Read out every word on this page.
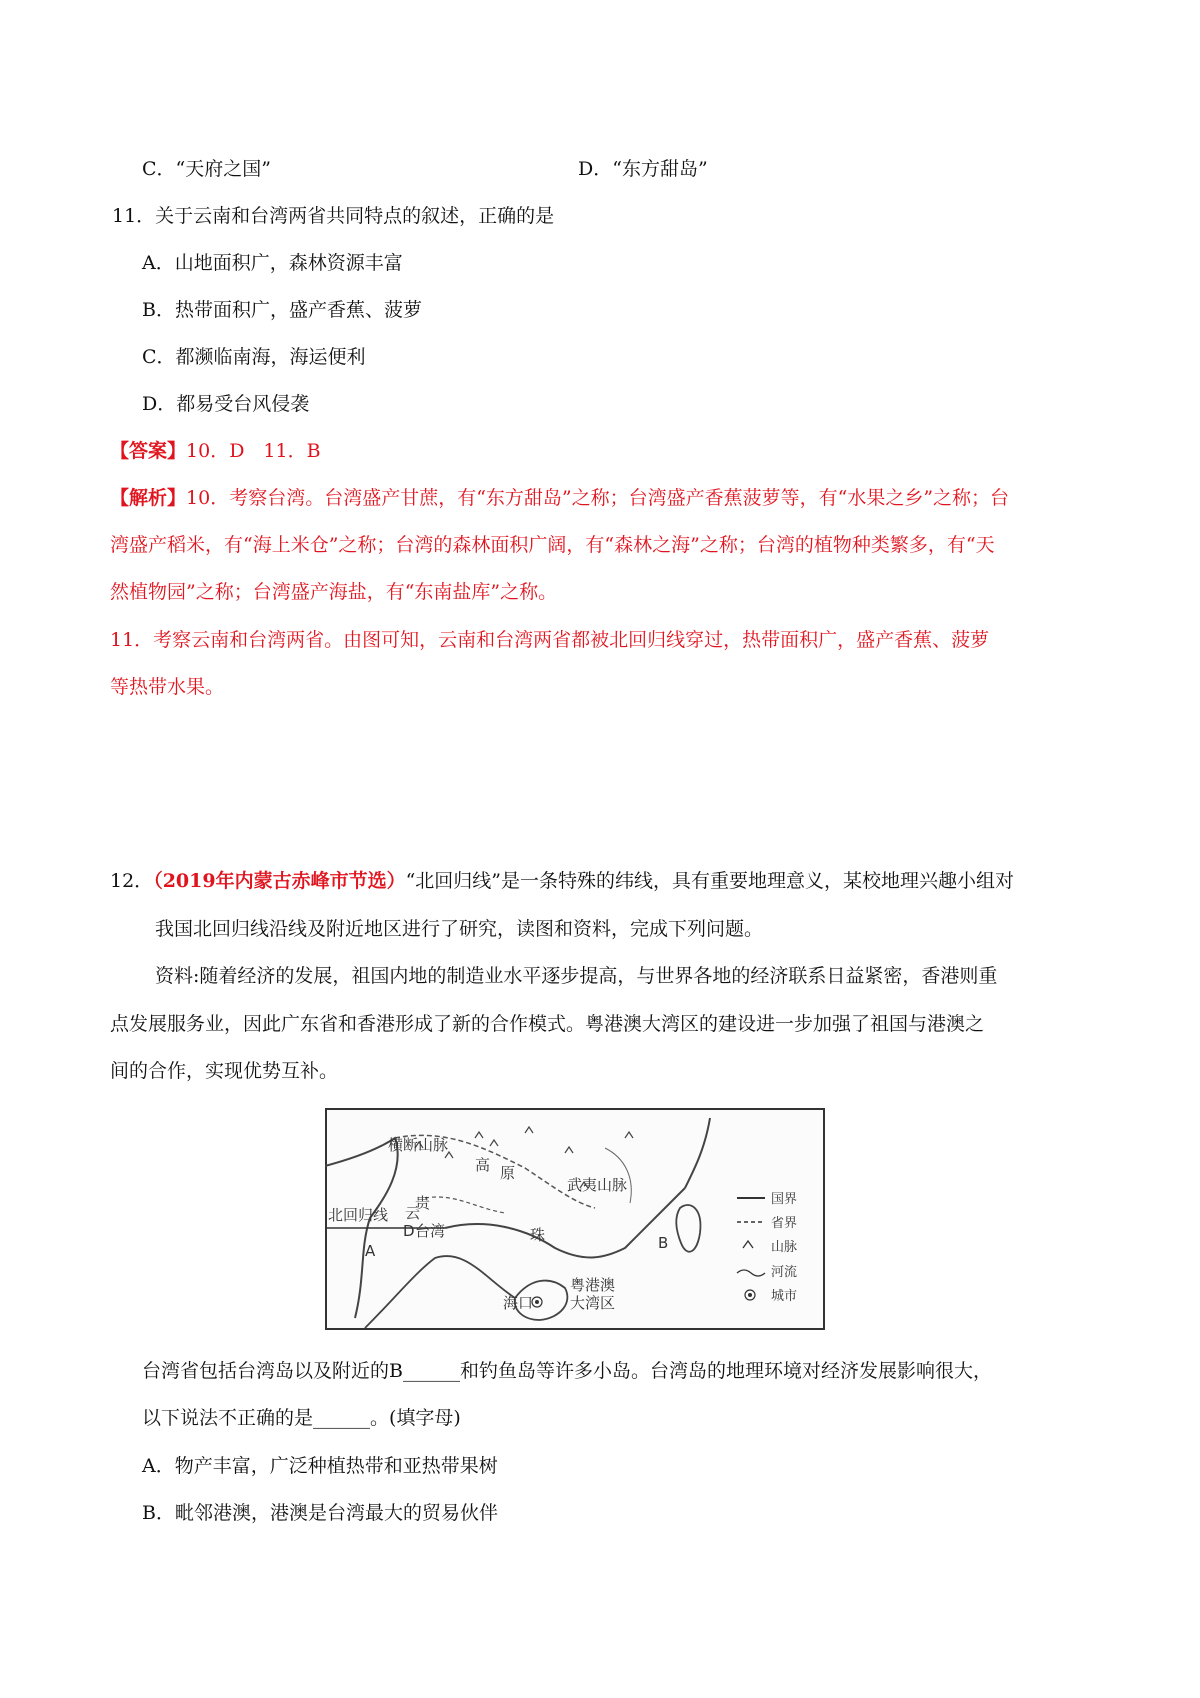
C．“天府之国”	D．“东方甜岛”
11．关于云南和台湾两省共同特点的叙述，正确的是
A．山地面积广，森林资源丰富
B．热带面积广，盛产香蕉、菠萝
C．都濒临南海，海运便利
D．都易受台风侵袭
【答案】10．D　11．B
【解析】10．考察台湾。台湾盛产甘蔗，有“东方甜岛”之称；台湾盛产香蕉菠萝等，有“水果之乡”之称；台
湾盛产稻米，有“海上米仓”之称；台湾的森林面积广阔，有“森林之海”之称；台湾的植物种类繁多，有“天
然植物园”之称；台湾盛产海盐，有“东南盐库”之称。
11．考察云南和台湾两省。由图可知，云南和台湾两省都被北回归线穿过，热带面积广，盛产香蕉、菠萝
等热带水果。
12．（2019年内蒙古赤峰市节选）“北回归线”是一条特殊的纬线，具有重要地理意义，某校地理兴趣小组对
我国北回归线沿线及附近地区进行了研究，读图和资料，完成下列问题。
资料:随着经济的发展，祖国内地的制造业水平逐步提高，与世界各地的经济联系日益紧密，香港则重
点发展服务业，因此广东省和香港形成了新的合作模式。粤港澳大湾区的建设进一步加强了祖国与港澳之
间的合作，实现优势互补。
横断山脉
高 原
武夷山脉
北回归线
贵
云
A
D 台湾	珠	B
粤港澳
大湾区
海口
国界
省界
山脉
河流
城市
台湾省包括台湾岛以及附近的B______和钓鱼岛等许多小岛。台湾岛的地理环境对经济发展影响很大，
以下说法不正确的是______。(填字母)
A．物产丰富，广泛种植热带和亚热带果树
B．毗邻港澳，港澳是台湾最大的贸易伙伴
